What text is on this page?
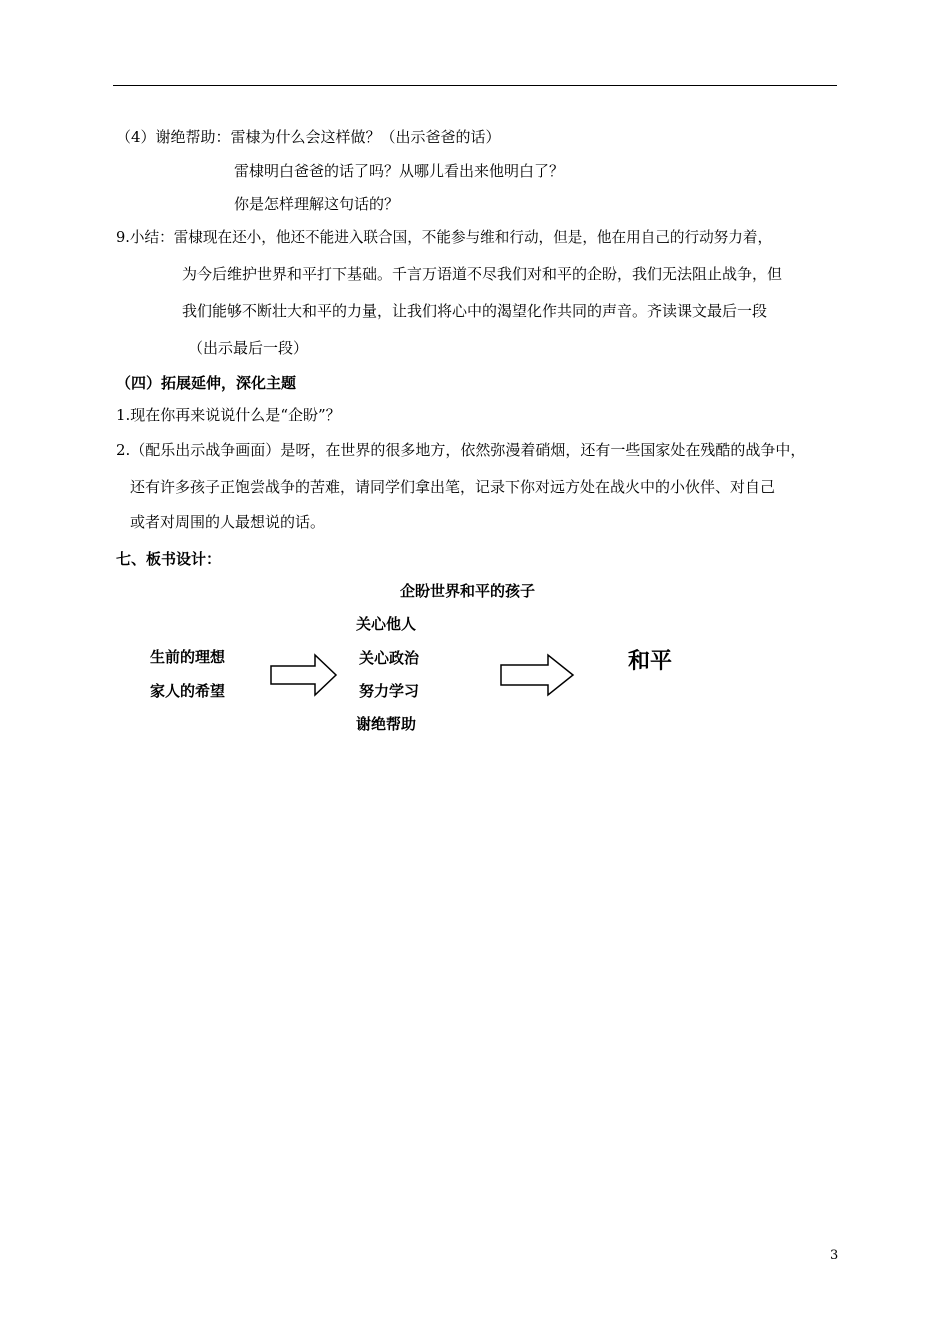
（4）谢绝帮助：雷棣为什么会这样做？（出示爸爸的话）
雷棣明白爸爸的话了吗？从哪儿看出来他明白了？
你是怎样理解这句话的？
9.小结：雷棣现在还小，他还不能进入联合国，不能参与维和行动，但是，他在用自己的行动努力着，
为今后维护世界和平打下基础。千言万语道不尽我们对和平的企盼，我们无法阻止战争，但
我们能够不断壮大和平的力量，让我们将心中的渴望化作共同的声音。齐读课文最后一段
（出示最后一段）
（四）拓展延伸，深化主题
1.现在你再来说说什么是“企盼”？
2.（配乐出示战争画面）是呀，在世界的很多地方，依然弥漫着硝烟，还有一些国家处在残酷的战争中，
还有许多孩子正饱尝战争的苦难，请同学们拿出笔，记录下你对远方处在战火中的小伙伴、对自己
或者对周围的人最想说的话。
七、板书设计：
企盼世界和平的孩子
生前的理想
家人的希望
关心他人
关心政治
努力学习
谢绝帮助
和平
3
